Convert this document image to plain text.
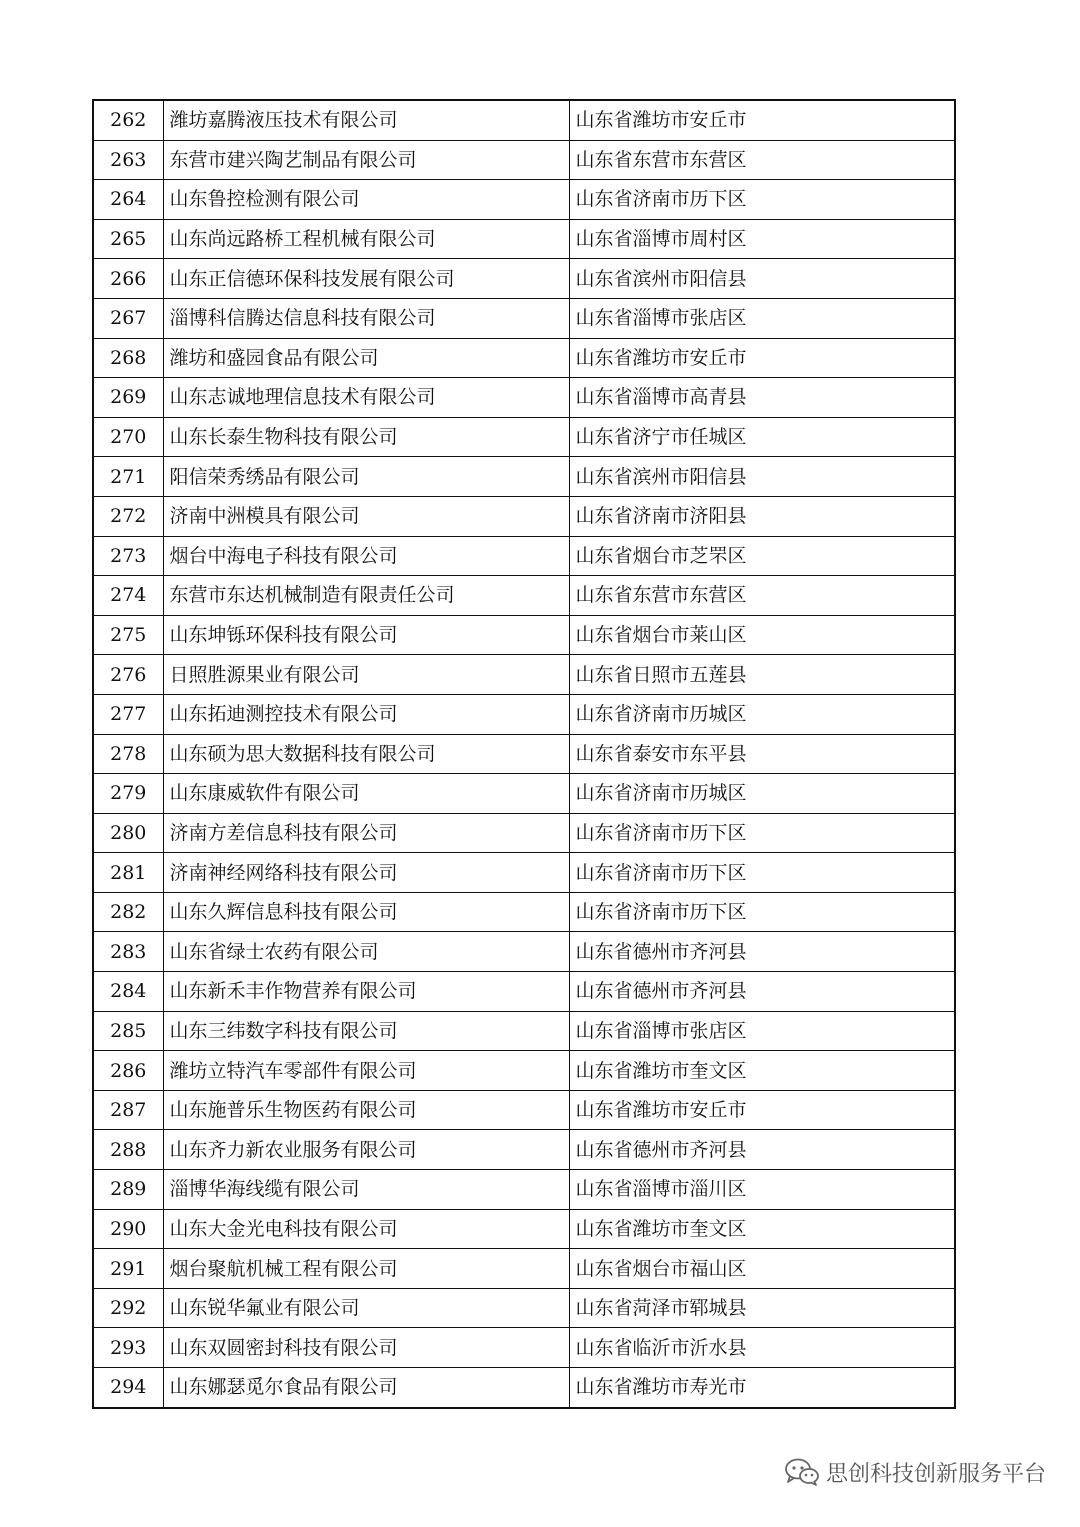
262	潍坊嘉腾液压技术有限公司	山东省潍坊市安丘市
263	东营市建兴陶艺制品有限公司	山东省东营市东营区
264	山东鲁控检测有限公司	山东省济南市历下区
265	山东尚远路桥工程机械有限公司	山东省淄博市周村区
266	山东正信德环保科技发展有限公司	山东省滨州市阳信县
267	淄博科信腾达信息科技有限公司	山东省淄博市张店区
268	潍坊和盛园食品有限公司	山东省潍坊市安丘市
269	山东志诚地理信息技术有限公司	山东省淄博市高青县
270	山东长泰生物科技有限公司	山东省济宁市任城区
271	阳信荣秀绣品有限公司	山东省滨州市阳信县
272	济南中洲模具有限公司	山东省济南市济阳县
273	烟台中海电子科技有限公司	山东省烟台市芝罘区
274	东营市东达机械制造有限责任公司	山东省东营市东营区
275	山东坤铄环保科技有限公司	山东省烟台市莱山区
276	日照胜源果业有限公司	山东省日照市五莲县
277	山东拓迪测控技术有限公司	山东省济南市历城区
278	山东硕为思大数据科技有限公司	山东省泰安市东平县
279	山东康威软件有限公司	山东省济南市历城区
280	济南方差信息科技有限公司	山东省济南市历下区
281	济南神经网络科技有限公司	山东省济南市历下区
282	山东久辉信息科技有限公司	山东省济南市历下区
283	山东省绿士农药有限公司	山东省德州市齐河县
284	山东新禾丰作物营养有限公司	山东省德州市齐河县
285	山东三纬数字科技有限公司	山东省淄博市张店区
286	潍坊立特汽车零部件有限公司	山东省潍坊市奎文区
287	山东施普乐生物医药有限公司	山东省潍坊市安丘市
288	山东齐力新农业服务有限公司	山东省德州市齐河县
289	淄博华海线缆有限公司	山东省淄博市淄川区
290	山东大金光电科技有限公司	山东省潍坊市奎文区
291	烟台聚航机械工程有限公司	山东省烟台市福山区
292	山东锐华氟业有限公司	山东省菏泽市郓城县
293	山东双圆密封科技有限公司	山东省临沂市沂水县
294	山东娜瑟觅尔食品有限公司	山东省潍坊市寿光市
思创科技创新服务平台
